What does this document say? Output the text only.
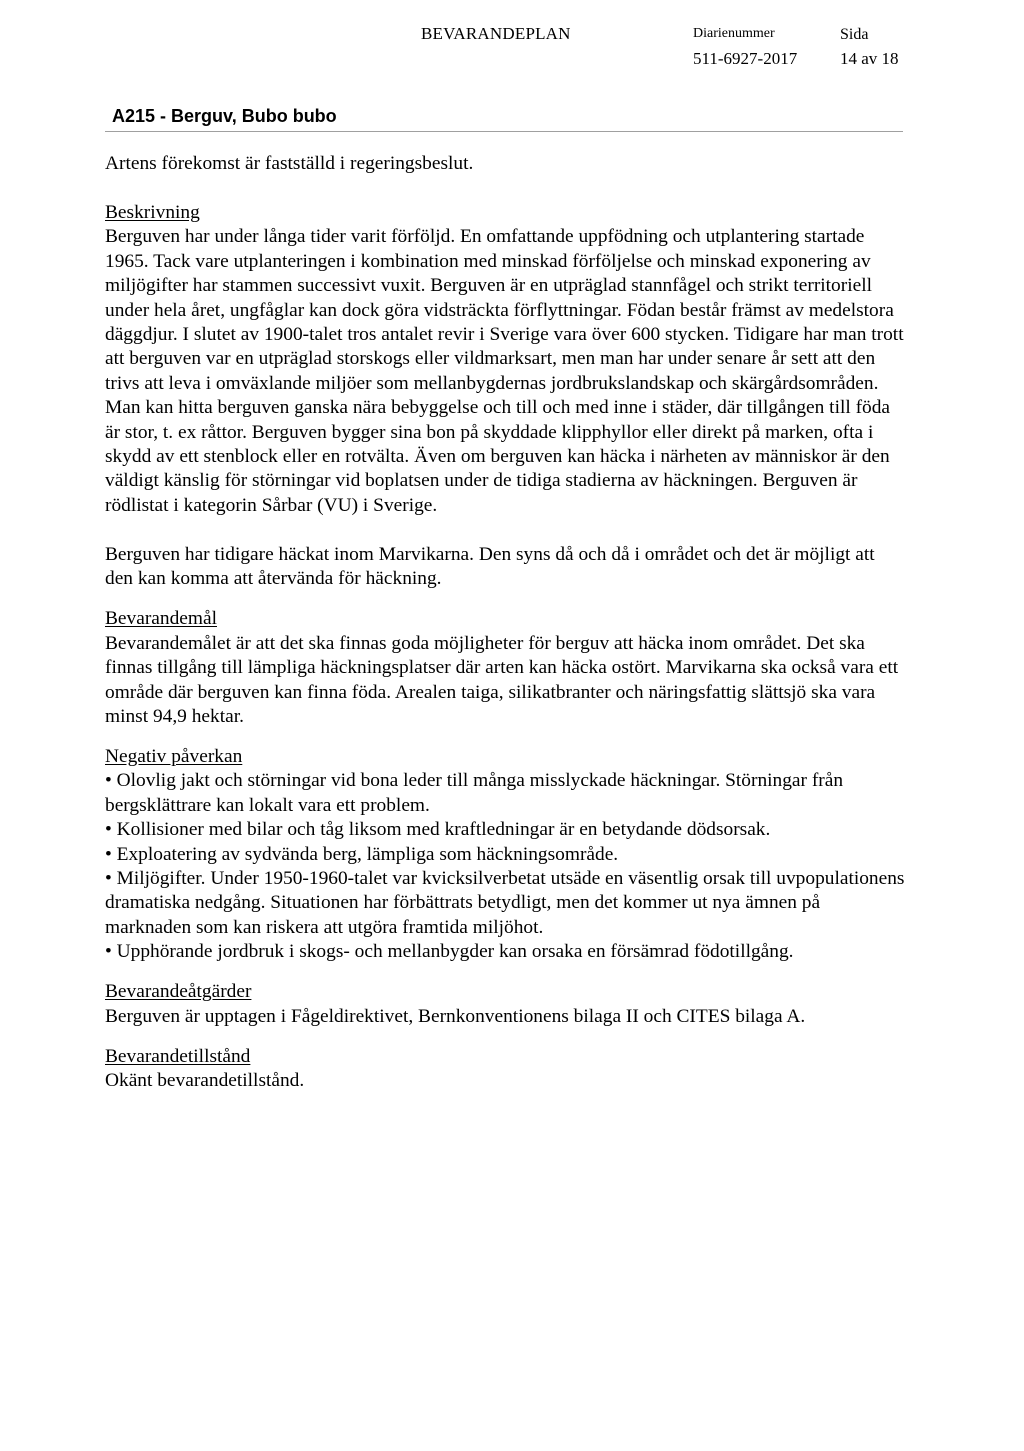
BEVARANDEPLAN	Diarienummer
511-6927-2017
Sida
14 av 18
A215 - Berguv, Bubo bubo

Artens förekomst är fastställd i regeringsbeslut.

Beskrivning

Berguven har under långa tider varit förföljd. En omfattande uppfödning och utplantering startade 1965. Tack vare utplanteringen i kombination med minskad förföljelse och minskad exponering av miljögifter har stammen successivt vuxit. Berguven är en utpräglad stannfågel och strikt territoriell under hela året, ungfåglar kan dock göra vidsträckta förflyttningar. Födan består främst av medelstora däggdjur. I slutet av 1900-talet tros antalet revir i Sverige vara över 600 stycken. Tidigare har man trott att berguven var en utpräglad storskogs eller vildmarksart, men man har under senare år sett att den trivs att leva i omväxlande miljöer som mellanbygdernas jordbrukslandskap och skärgårdsområden. Man kan hitta berguven ganska nära bebyggelse och till och med inne i städer, där tillgången till föda är stor, t. ex råttor. Berguven bygger sina bon på skyddade klipphyllor eller direkt på marken, ofta i skydd av ett stenblock eller en rotvälta. Även om berguven kan häcka i närheten av människor är den väldigt känslig för störningar vid boplatsen under de tidiga stadierna av häckningen. Berguven är rödlistat i kategorin Sårbar (VU) i Sverige.

Berguven har tidigare häckat inom Marvikarna. Den syns då och då i området och det är möjligt att den kan komma att återvända för häckning.

Bevarandemål

Bevarandemålet är att det ska finnas goda möjligheter för berguv att häcka inom området. Det ska finnas tillgång till lämpliga häckningsplatser där arten kan häcka ostört. Marvikarna ska också vara ett område där berguven kan finna föda. Arealen taiga, silikatbranter och näringsfattig slättsjö ska vara minst 94,9 hektar.

Negativ påverkan

• Olovlig jakt och störningar vid bona leder till många misslyckade häckningar. Störningar från bergsklättrare kan lokalt vara ett problem.
• Kollisioner med bilar och tåg liksom med kraftledningar är en betydande dödsorsak.
• Exploatering av sydvända berg, lämpliga som häckningsområde.
• Miljögifter. Under 1950-1960-talet var kvicksilverbetat utsäde en väsentlig orsak till uvpopulationens dramatiska nedgång. Situationen har förbättrats betydligt, men det kommer ut nya ämnen på marknaden som kan riskera att utgöra framtida miljöhot.
• Upphörande jordbruk i skogs- och mellanbygder kan orsaka en försämrad födotillgång.

Bevarandeåtgärder

Berguven är upptagen i Fågeldirektivet, Bernkonventionens bilaga II och CITES bilaga A.

Bevarandetillstånd

Okänt bevarandetillstånd.
